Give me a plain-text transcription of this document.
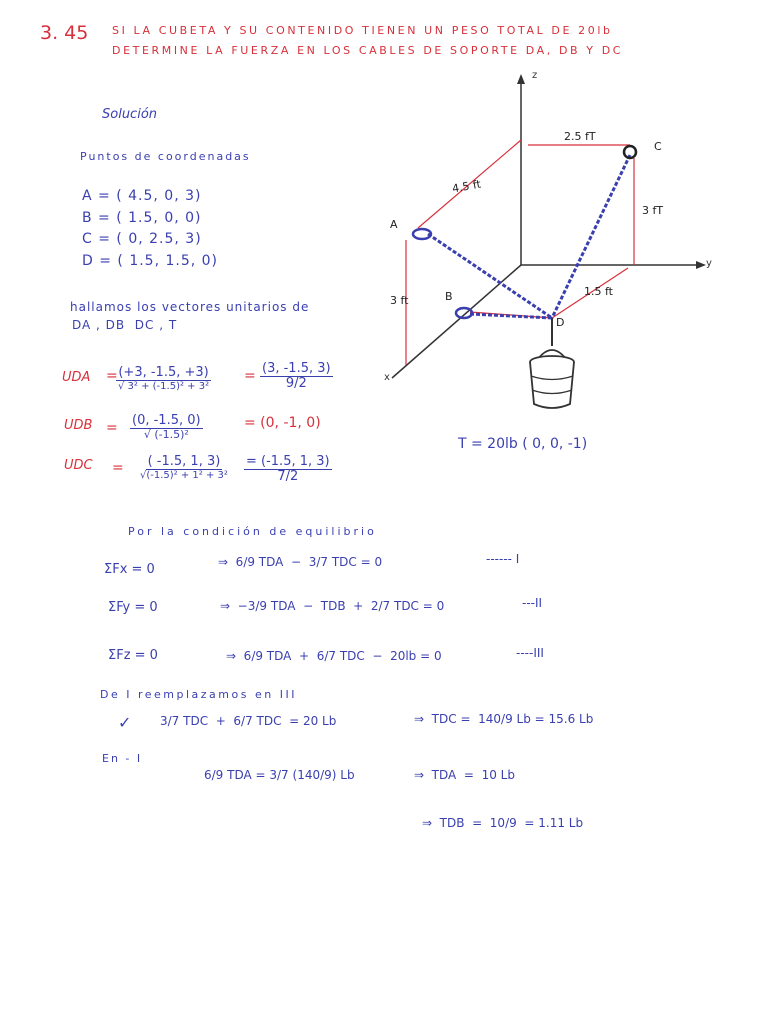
3. 45 SI LA CUBETA Y SU CONTENIDO TIENEN UN PESO TOTAL DE 20lb
DETERMINE LA FUERZA EN LOS CABLES DE SOPORTE DA, DB Y DC
Solución
Puntos de coordenadas
A = ( 4.5, 0, 3)
B = ( 1.5, 0, 0)
C = ( 0, 2.5, 3)
D = ( 1.5, 1.5, 0)
hallamos los vectores unitarios de
DA , DB  DC , T
UDA = (+3, -1.5, +3)
√ 3² + (-1.5)² + 3²
= $\frac{(3, -1.5, 3)}{9/2}$
UDB = (0, -1.5, 0)
√ (-1.5)²
= (0, -1, 0)
UDC = ( -1.5, 1, 3)
$√(-1.5)^2 + 1^2 + 3^2 \frac{= (-1.5, 1, 3)}{7/2}$
T = 20lb ( 0, 0, -1)
Por la condición de equilibrio
ΣFx = 0	⇒  6/9 TDA  −  3/7 TDC = 0	------ I
ΣFy = 0	⇒  −3/9 TDA  −  TDB  +  2/7 TDC = 0	---II
ΣFz = 0	⇒  6/9 TDA  +  6/7 TDC  −  20lb = 0	----III
De I reemplazamos en III
✓ 3/7 TDC  +  6/7 TDC  = 20 Lb	⇒  TDC =  140/9 Lb = 15.6 Lb
En - I
6/9 TDA = 3/7 (140/9) Lb	⇒  TDA  =  10 Lb
⇒  TDB  =  10/9  = 1.11 Lb
z
y
x
2.5 fT
3 fT
4.5 ft
3 ft
1.5 ft
A
B
C
D
